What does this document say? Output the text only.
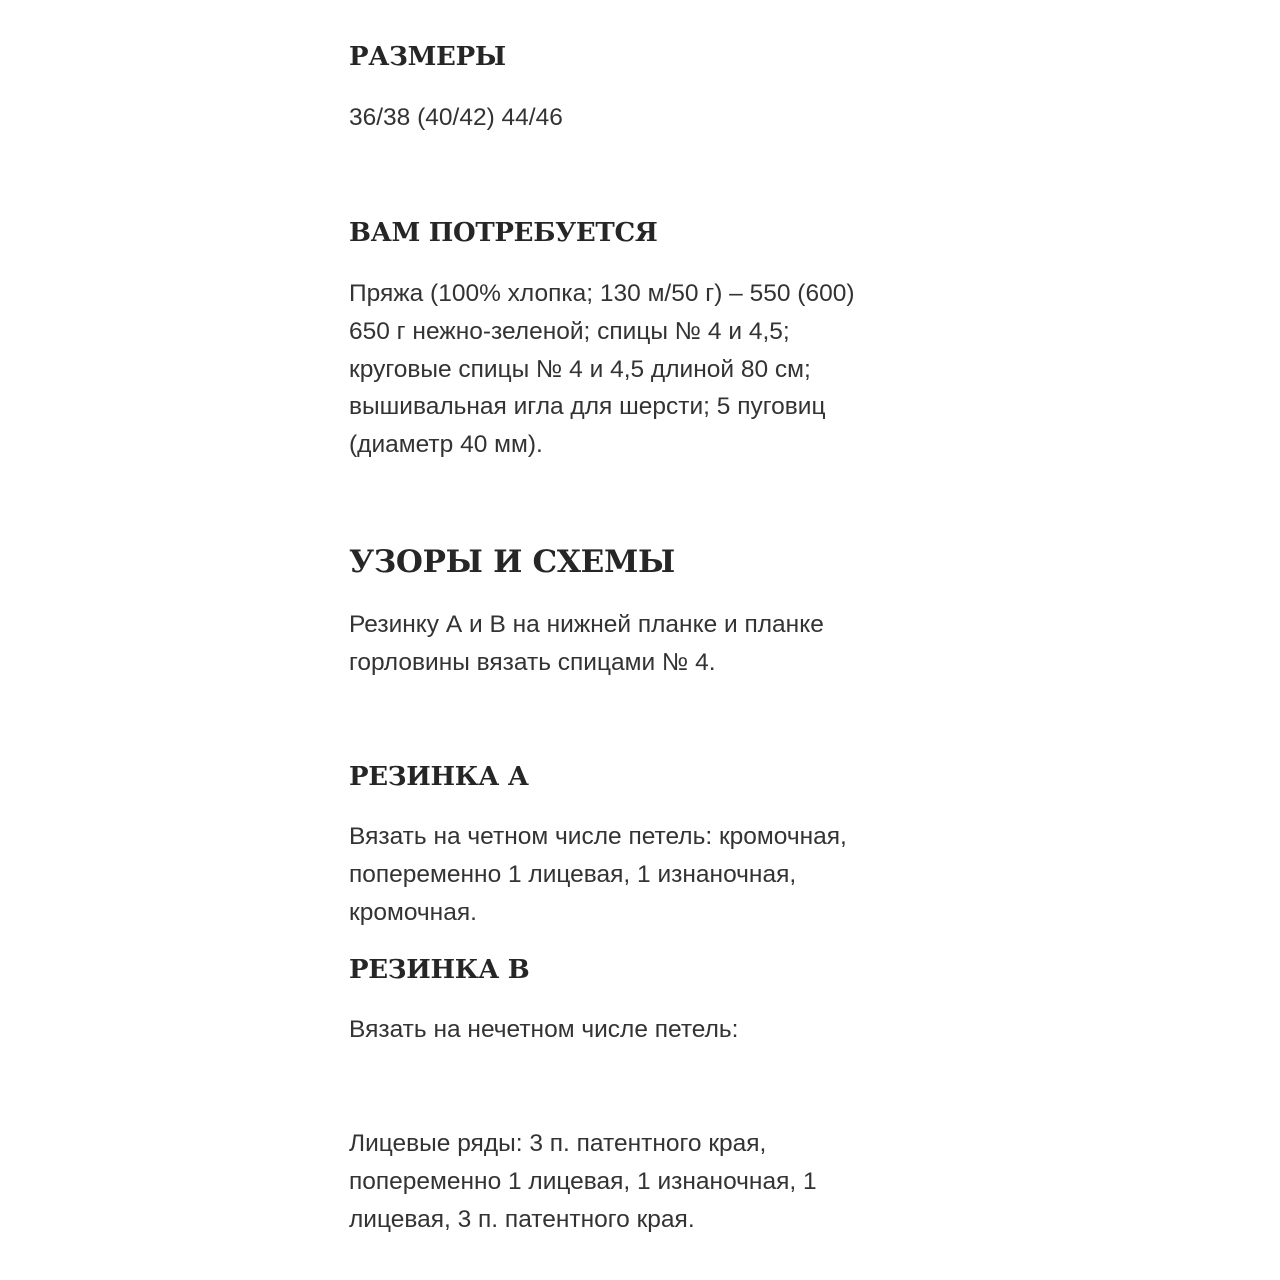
РАЗМЕРЫ

36/38 (40/42) 44/46

ВАМ ПОТРЕБУЕТСЯ

Пряжа (100% хлопка; 130 м/50 г) – 550 (600)
650 г нежно-зеленой; спицы № 4 и 4,5;
круговые спицы № 4 и 4,5 длиной 80 см;
вышивальная игла для шерсти; 5 пуговиц
(диаметр 40 мм).

УЗОРЫ И СХЕМЫ

Резинку А и В на нижней планке и планке
горловины вязать спицами № 4.

РЕЗИНКА А

Вязать на четном числе петель: кромочная,
попеременно 1 лицевая, 1 изнаночная,
кромочная.

РЕЗИНКА В

Вязать на нечетном числе петель:

Лицевые ряды: 3 п. патентного края,
попеременно 1 лицевая, 1 изнаночная, 1
лицевая, 3 п. патентного края.
